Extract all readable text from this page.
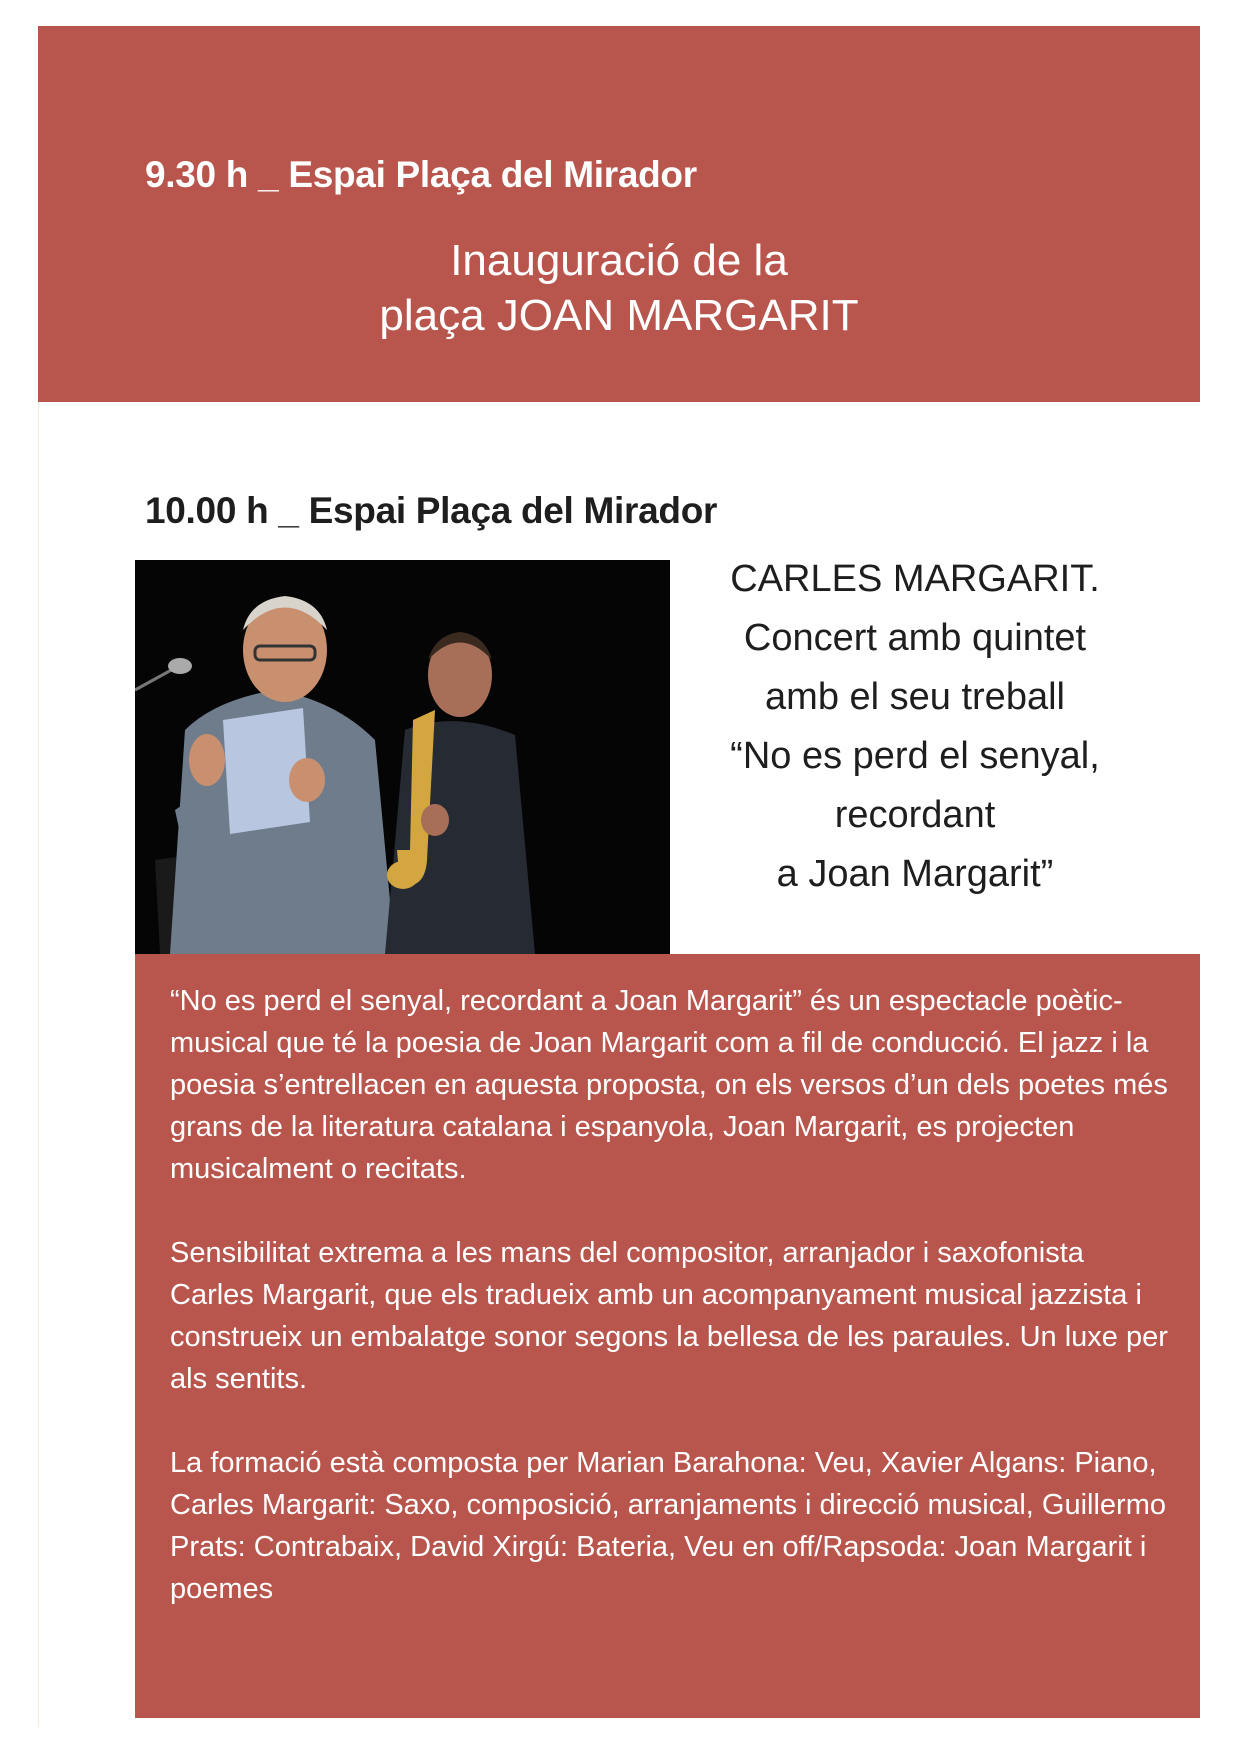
9.30 h _ Espai Plaça del Mirador
Inauguració de la
plaça JOAN MARGARIT
10.00 h _ Espai Plaça del Mirador
CARLES MARGARIT.
Concert amb quintet
amb el seu treball
“No es perd el senyal,
recordant
a Joan Margarit”

“No es perd el senyal, recordant a Joan Margarit” és un espectacle poètic-musical que té la poesia de Joan Margarit com a fil de conducció. El jazz i la poesia s’entrellacen en aquesta proposta, on els versos d’un dels poetes més grans de la literatura catalana i espanyola, Joan Margarit, es projecten musicalment o recitats.

Sensibilitat extrema a les mans del compositor, arranjador i saxofonista Carles Margarit, que els tradueix amb un acompanyament musical jazzista i construeix un embalatge sonor segons la bellesa de les paraules. Un luxe per als sentits.

La formació està composta per Marian Barahona: Veu, Xavier Algans: Piano, Carles Margarit: Saxo, composició, arranjaments i direcció musical, Guillermo Prats: Contrabaix, David Xirgú: Bateria, Veu en off/Rapsoda: Joan Margarit i poemes
